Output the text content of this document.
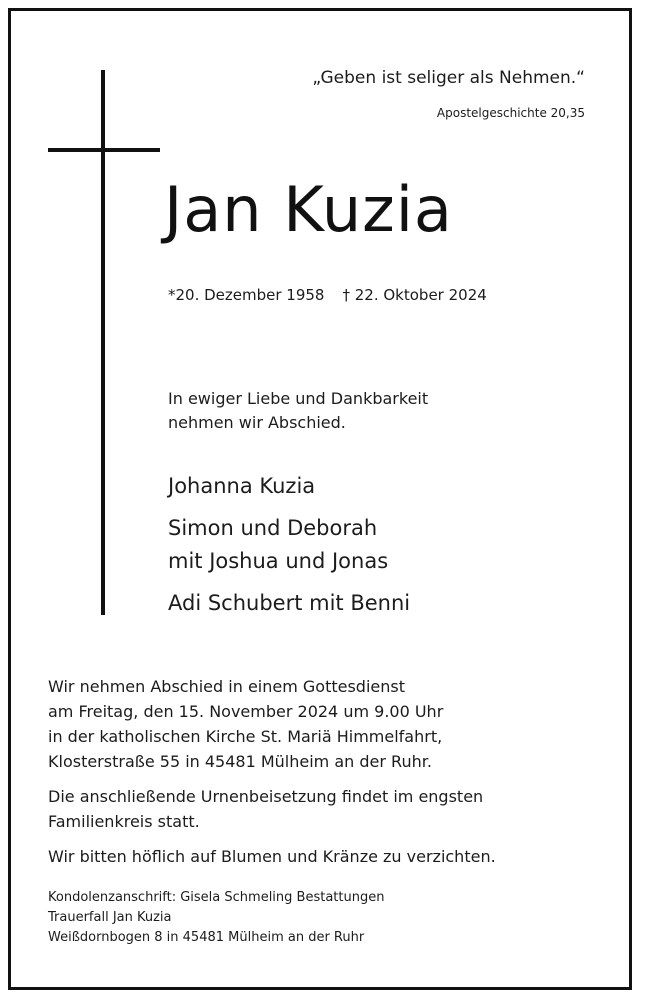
„Geben ist seliger als Nehmen.“
Apostelgeschichte 20,35
Jan Kuzia
*20. Dezember 1958 † 22. Oktober 2024
In ewiger Liebe und Dankbarkeit
nehmen wir Abschied.
Johanna Kuzia
Simon und Deborah
mit Joshua und Jonas
Adi Schubert mit Benni
Wir nehmen Abschied in einem Gottesdienst
am Freitag, den 15. November 2024 um 9.00 Uhr
in der katholischen Kirche St. Mariä Himmelfahrt,
Klosterstraße 55 in 45481 Mülheim an der Ruhr.
Die anschließende Urnenbeisetzung findet im engsten
Familienkreis statt.
Wir bitten höflich auf Blumen und Kränze zu verzichten.
Kondolenzanschrift: Gisela Schmeling Bestattungen
Trauerfall Jan Kuzia
Weißdornbogen 8 in 45481 Mülheim an der Ruhr
